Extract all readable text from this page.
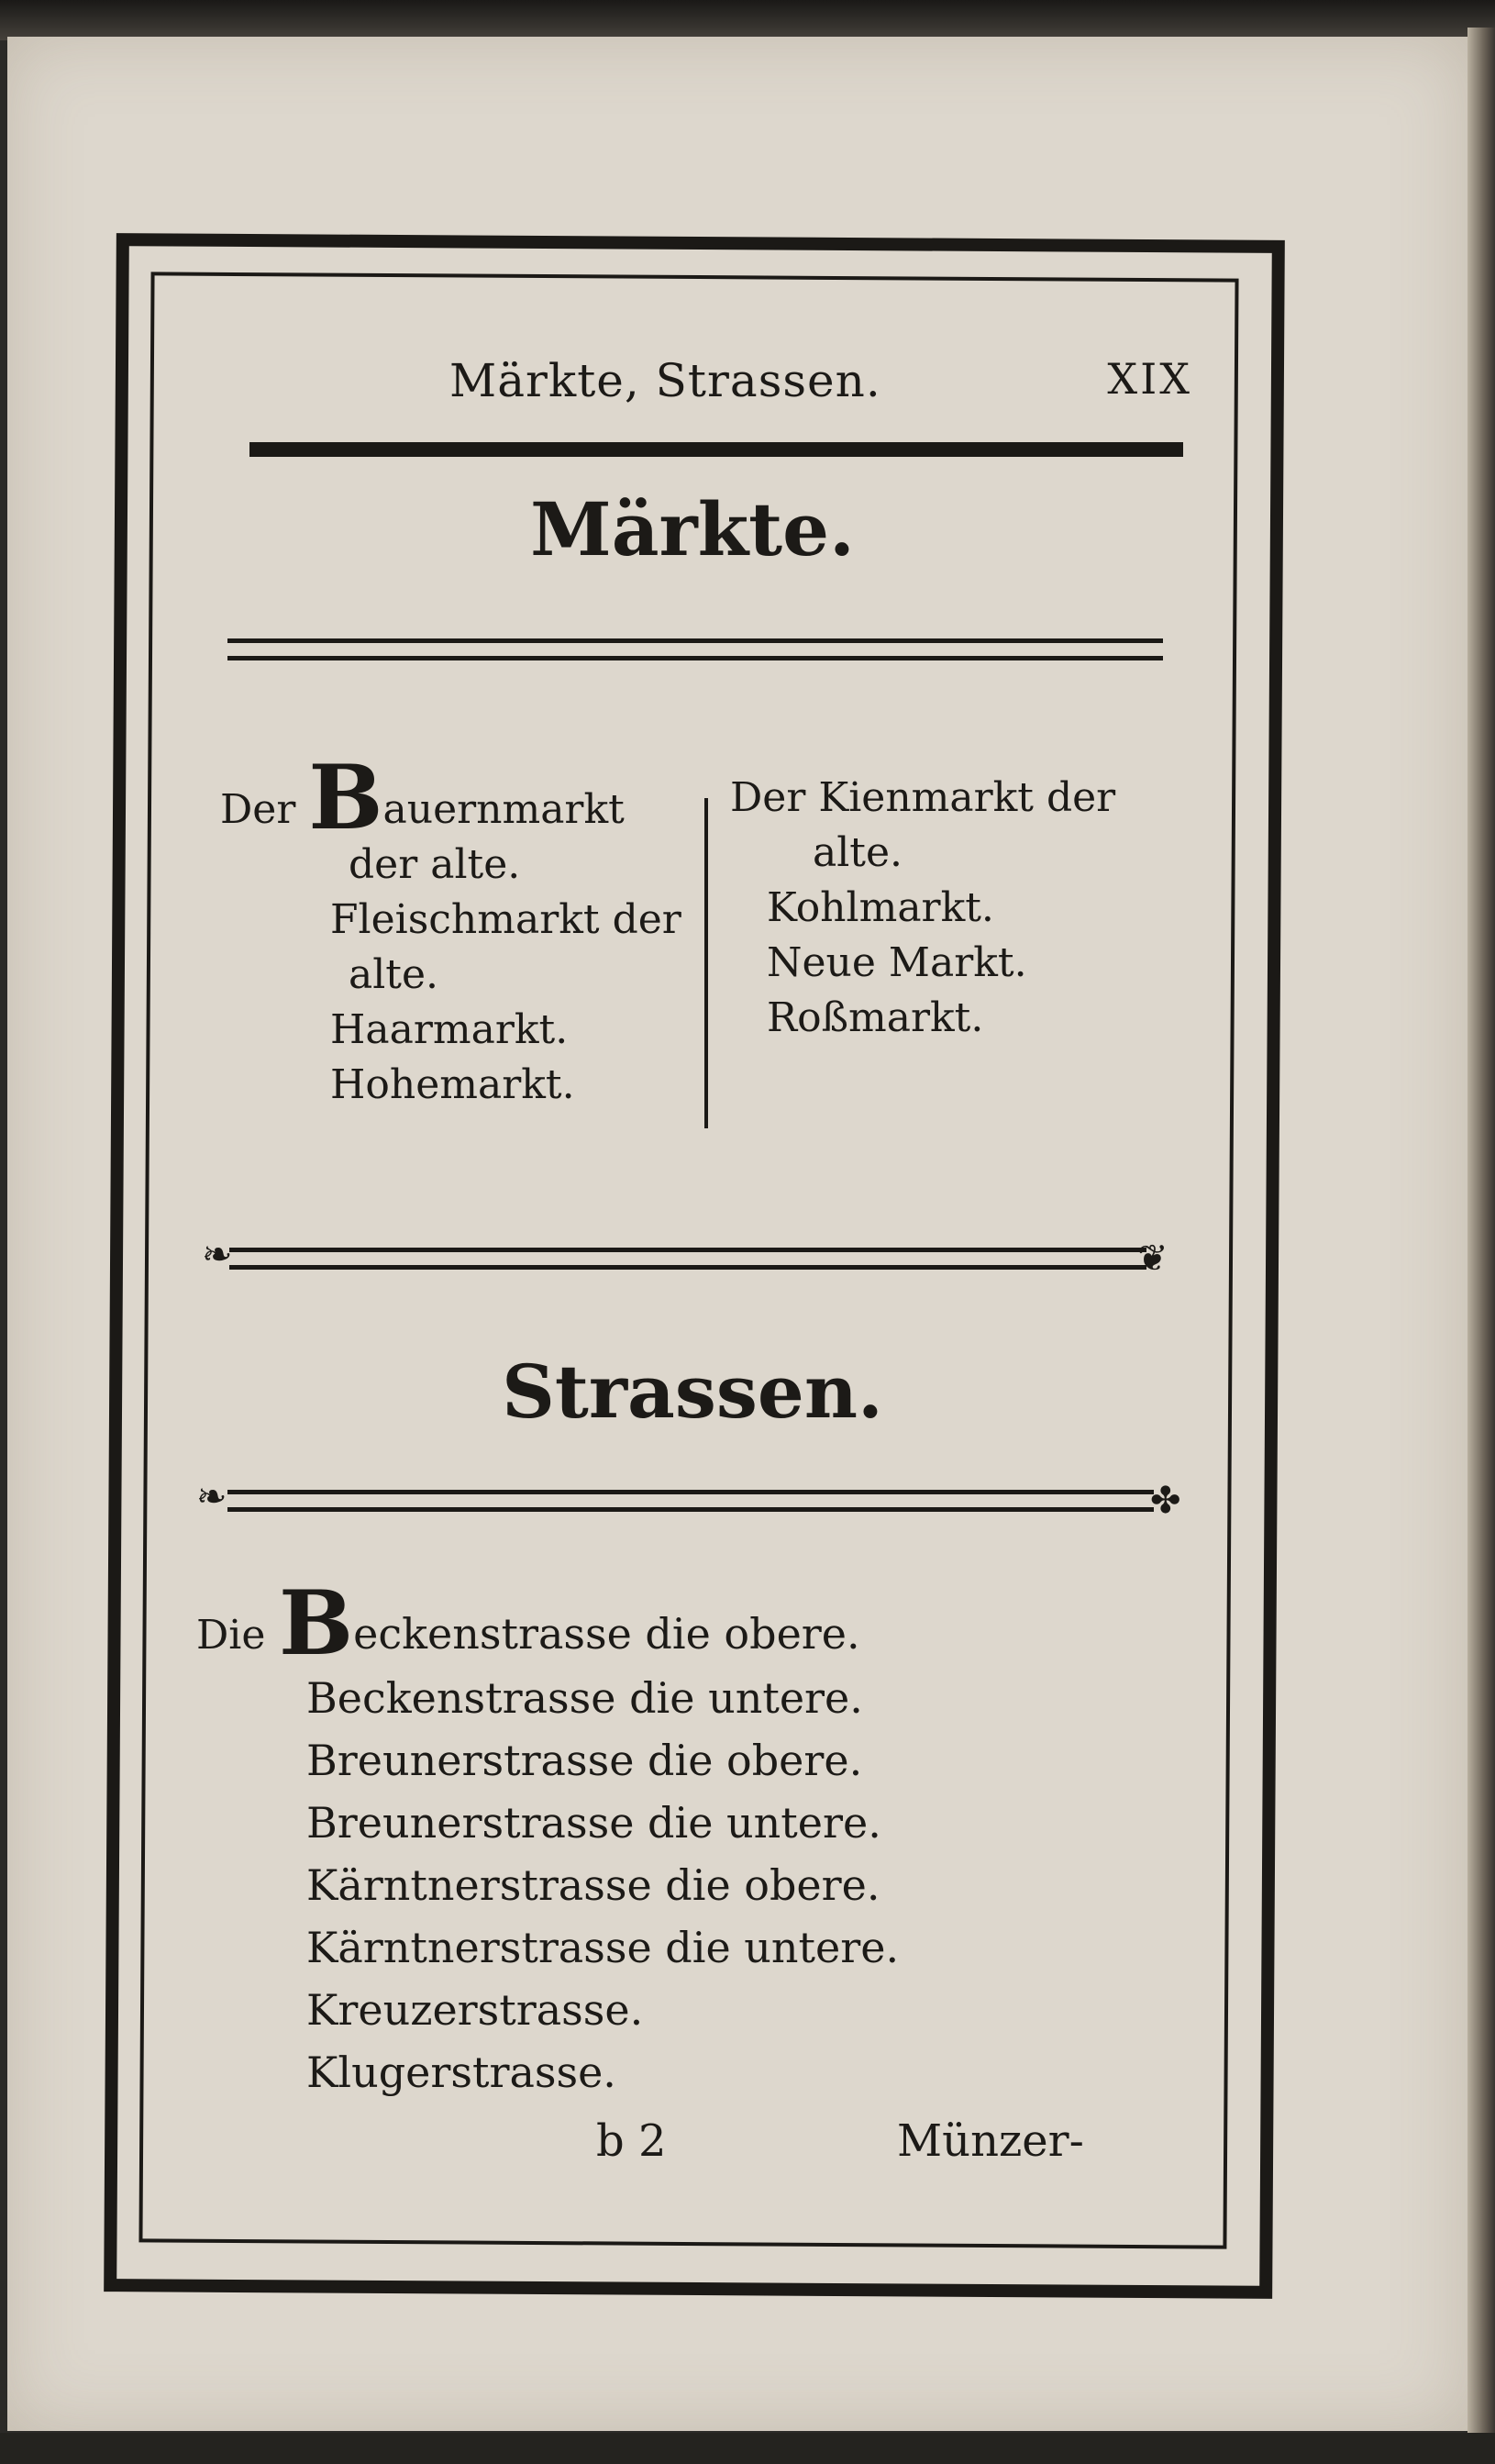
Märkte, Strassen.	XIX
Märkte.
Der Bauernmarkt
der alte.
Fleischmarkt der
alte.
Haarmarkt.
Hohemarkt.
Der Kienmarkt der
alte.
Kohlmarkt.
Neue Markt.
Roßmarkt.
❧	❦
Strassen.
❧	✤
Die Beckenstrasse die obere.
Beckenstrasse die untere.
Breunerstrasse die obere.
Breunerstrasse die untere.
Kärntnerstrasse die obere.
Kärntnerstrasse die untere.
Kreuzerstrasse.
Klugerstrasse.
b 2	Münzer-
